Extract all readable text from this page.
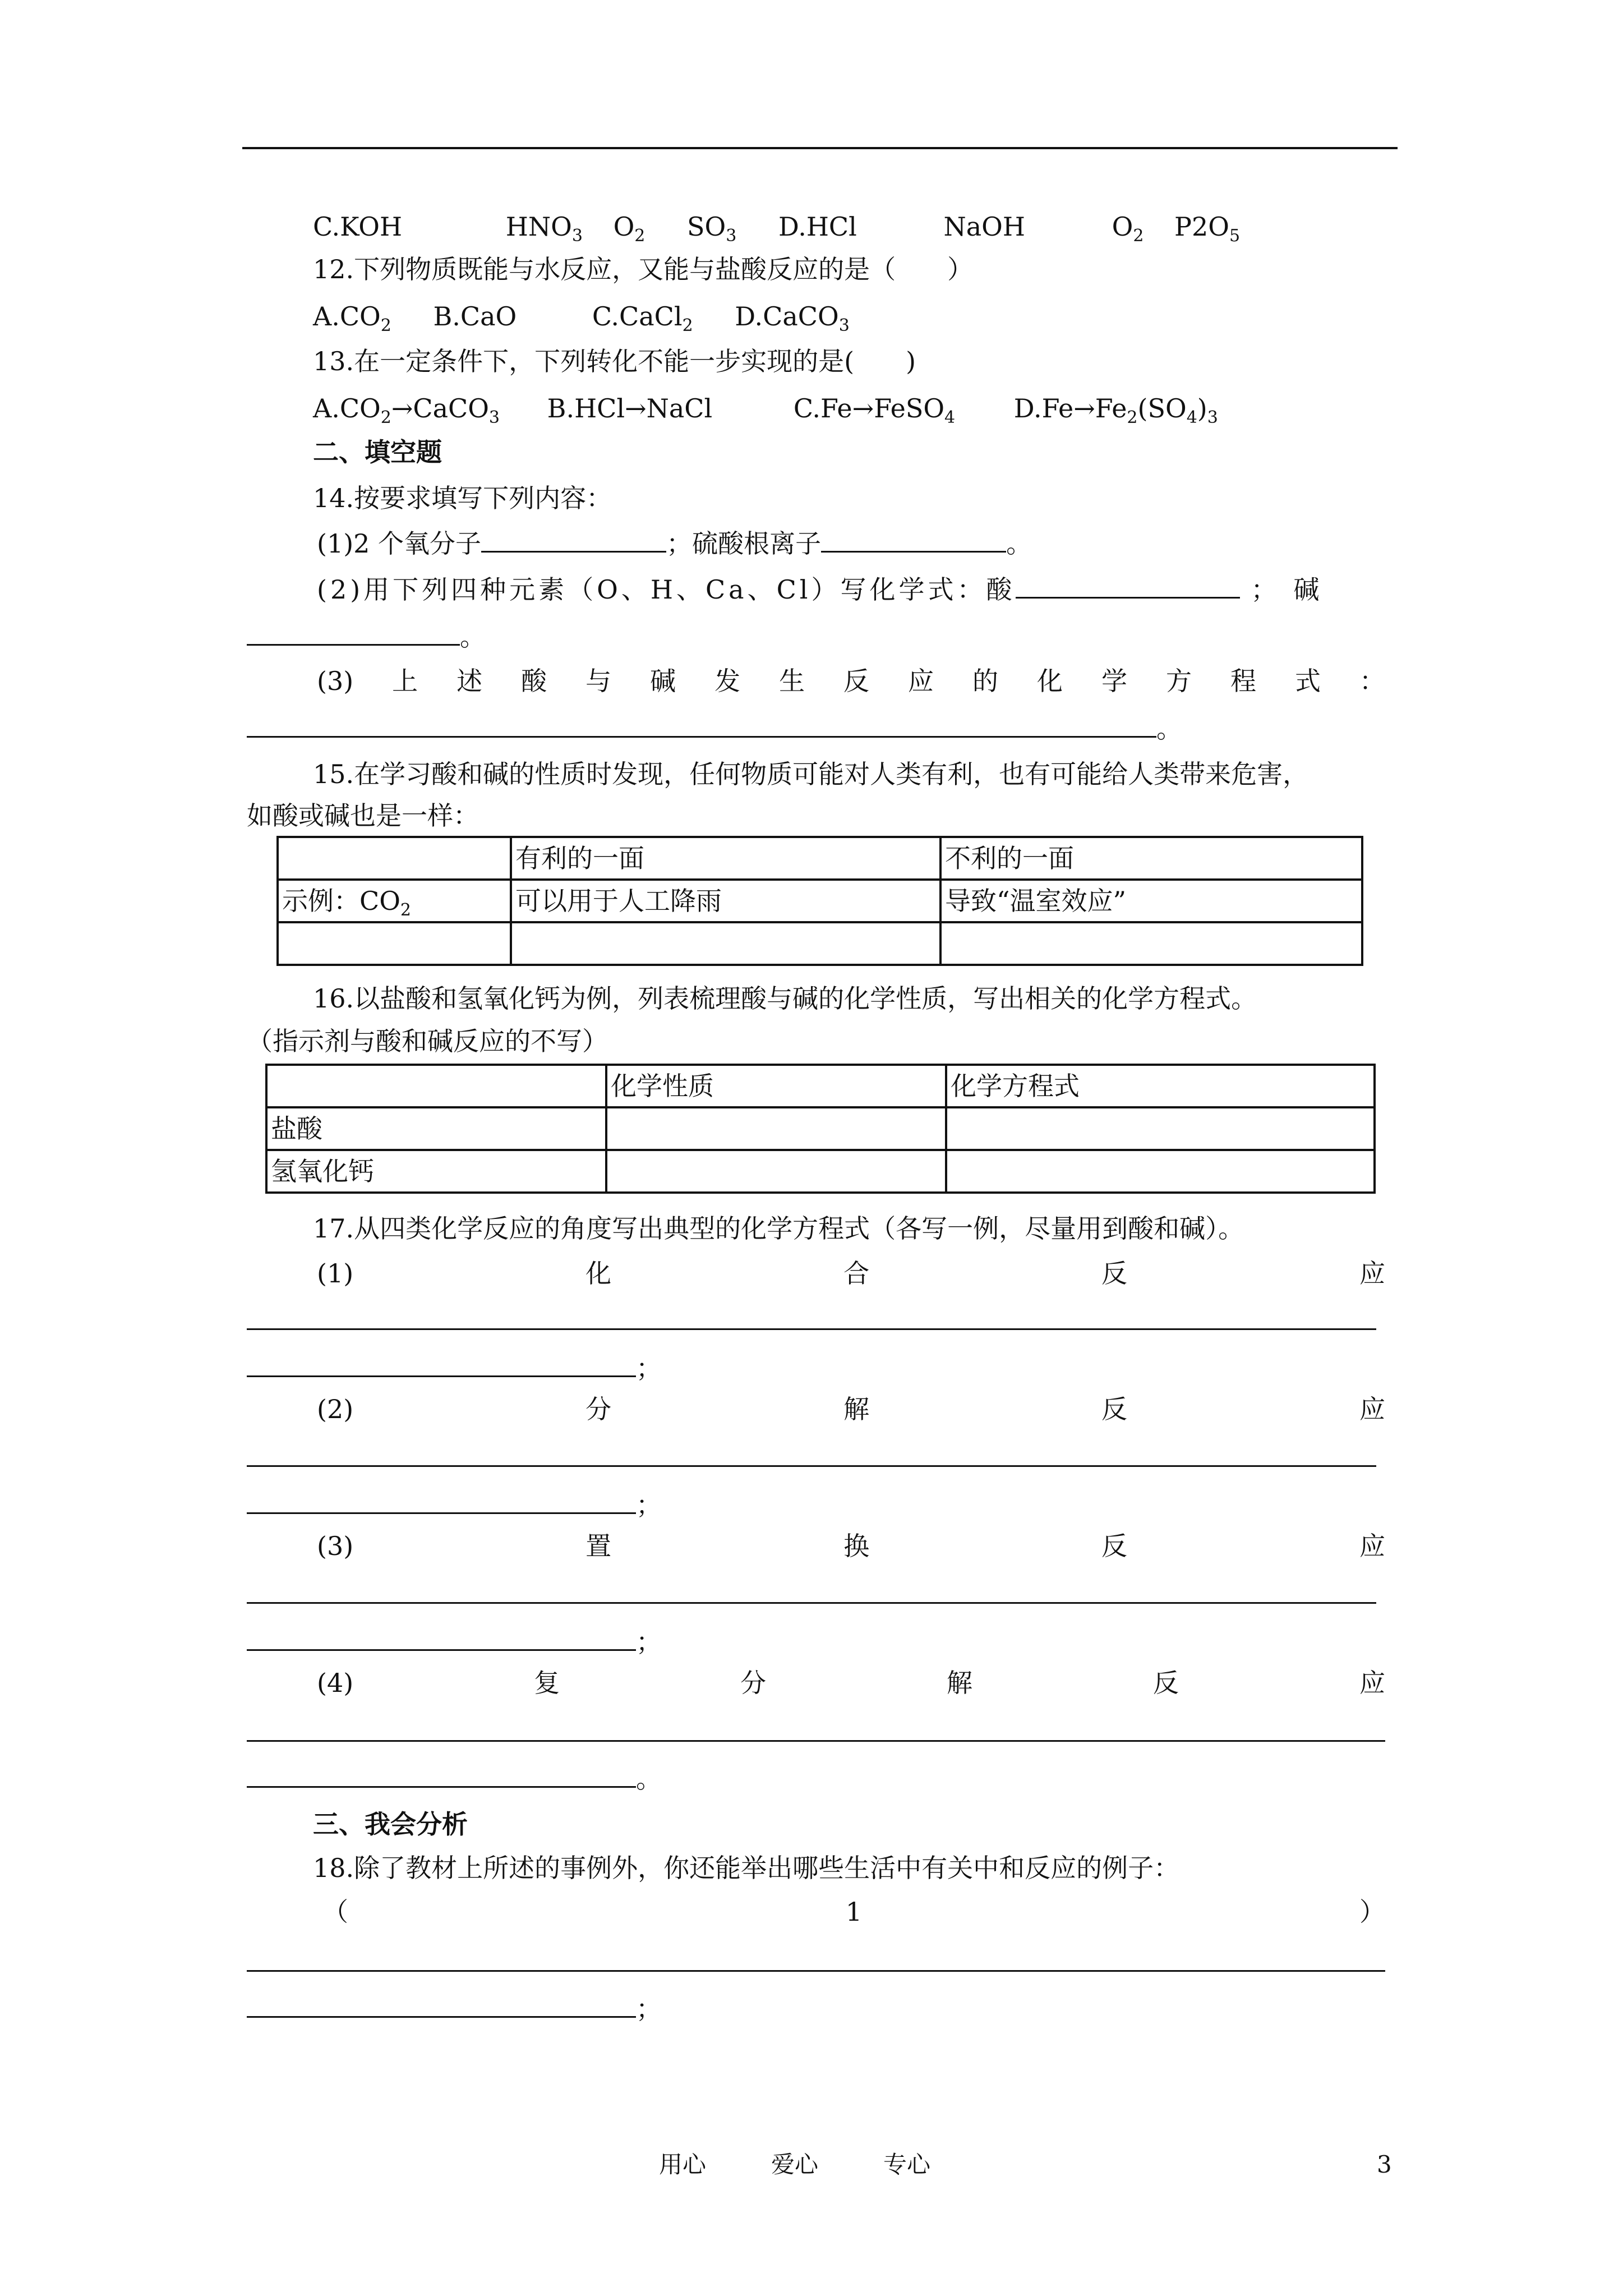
C.KOH	$HNO_3$ $O_2$ $SO_3$ D.HCl	NaOH	$O_2$ $P2O_5$
12.下列物质既能与水反应，又能与盐酸反应的是（　　）
$A.CO_2$ B.CaO	C.CaCl$_2$ D.CaCO$_3$
13.在一定条件下，下列转化不能一步实现的是(　　)
$A.CO_2\to CaCO_3$ B.HCl→NaCl	C.Fe→FeSO$_4$ $D.Fe\to Fe_2(SO_4)_3$
二、填空题
14.按要求填写下列内容：
(1)2 个氧分子	；硫酸根离子	。
(2)用下列四种元素（O、H、Ca、Cl）写化学式：酸	；碱
。
(3) 上 述 酸 与 碱 发 生 反 应 的 化 学 方 程 式 ：
。
15.在学习酸和碱的性质时发现，任何物质可能对人类有利，也有可能给人类带来危害，
如酸或碱也是一样：
	有利的一面	不利的一面
示例：$CO_2$	可以用于人工降雨	导致“温室效应”

16.以盐酸和氢氧化钙为例，列表梳理酸与碱的化学性质，写出相关的化学方程式。
（指示剂与酸和碱反应的不写）
	化学性质	化学方程式
盐酸		
氢氧化钙		
17.从四类化学反应的角度写出典型的化学方程式（各写一例，尽量用到酸和碱）。
(1)	化	合	反	应
；
(2)	分	解	反	应
；
(3)	置	换	反	应
；
(4)	复	分	解	反	应
。
三、我会分析
18.除了教材上所述的事例外，你还能举出哪些生活中有关中和反应的例子：
（	1	）
；
用心	爱心	专心	3
